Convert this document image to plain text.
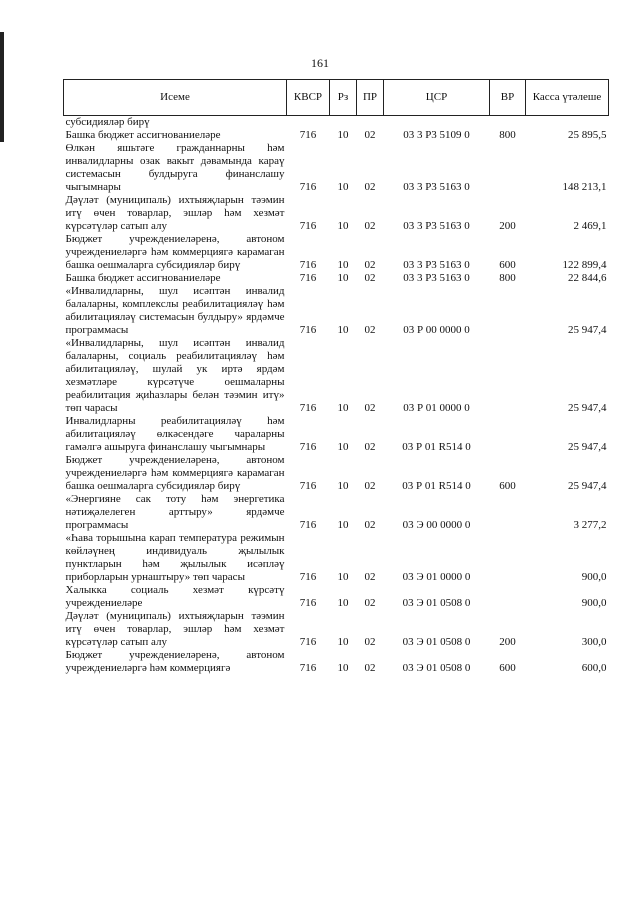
161
Исеме	КВСР	Рз	ПР	ЦСР	ВР	Касса үтәлеше
субсидияләр бирү						
Башка бюджет ассигнованиеләре	716	10	02	03 3 Р3 5109 0	800	25 895,5
Өлкән яшьтәге гражданнарны һәм инвалидларны озак вакыт дәвамында караү системасын булдыруга финанслашу чыгымнары	716	10	02	03 3 Р3 5163 0		148 213,1
Дәүләт (муниципаль) ихтыяҗларын тәэмин итү өчен товарлар, эшләр һәм хезмәт күрсәтүләр сатып алу	716	10	02	03 3 Р3 5163 0	200	2 469,1
Бюджет учреждениеләренә, автоном учреждениеләргә һәм коммерциягә карамаган башка оешмаларга субсидияләр бирү	716	10	02	03 3 Р3 5163 0	600	122 899,4
Башка бюджет ассигнованиеләре	716	10	02	03 3 Р3 5163 0	800	22 844,6
«Инвалидларны, шул исәптән инвалид балаларны, комплекслы реабилитацияләү һәм абилитацияләү системасын булдыру» ярдәмче программасы	716	10	02	03 Р 00 0000 0		25 947,4
«Инвалидларны, шул исәптән инвалид балаларны, социаль реабилитацияләү һәм абилитацияләү, шулай ук иртә ярдәм хезмәтләре күрсәтүче оешмаларны реабилитация җиһазлары белән тәэмин итү» төп чарасы	716	10	02	03 Р 01 0000 0		25 947,4
Инвалидларны реабилитацияләү һәм абилитацияләү өлкәсендәге чараларны гамәлгә ашыруга финанслашу чыгымнары	716	10	02	03 Р 01 R514 0		25 947,4
Бюджет учреждениеләренә, автоном учреждениеләргә һәм коммерциягә карамаган башка оешмаларга субсидияләр бирү	716	10	02	03 Р 01 R514 0	600	25 947,4
«Энергияне сак тоту һәм энергетика нәтиҗәлелеген арттыру» ярдәмче программасы	716	10	02	03 Э 00 0000 0		3 277,2
«Һава торышына карап температура режимын көйләүнең индивидуаль җылылык пунктларын һәм җылылык исәпләү приборларын урнаштыру» төп чарасы	716	10	02	03 Э 01 0000 0		900,0
Халыкка социаль хезмәт күрсәтү учреждениеләре	716	10	02	03 Э 01 0508 0		900,0
Дәүләт (муниципаль) ихтыяҗларын тәэмин итү өчен товарлар, эшләр һәм хезмәт күрсәтүләр сатып алу	716	10	02	03 Э 01 0508 0	200	300,0
Бюджет учреждениеләренә, автоном учреждениеләргә һәм коммерциягә	716	10	02	03 Э 01 0508 0	600	600,0
